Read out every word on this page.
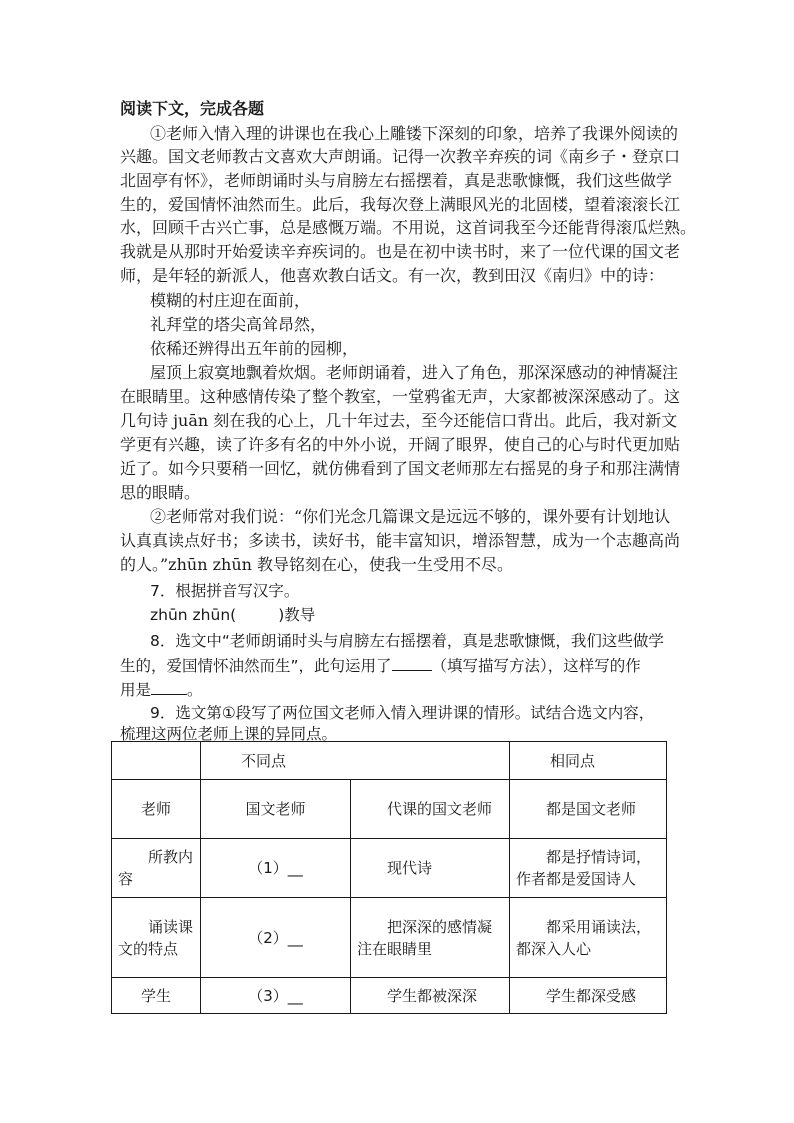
阅读下文，完成各题
①老师入情入理的讲课也在我心上雕镂下深刻的印象，培养了我课外阅读的
兴趣。国文老师教古文喜欢大声朗诵。记得一次教辛弃疾的词《南乡子・登京口
北固亭有怀》，老师朗诵时头与肩膀左右摇摆着，真是悲歌慷慨，我们这些做学
生的，爱国情怀油然而生。此后，我每次登上满眼风光的北固楼，望着滚滚长江
水，回顾千古兴亡事，总是感慨万端。不用说，这首词我至今还能背得滚瓜烂熟。
我就是从那时开始爱读辛弃疾词的。也是在初中读书时，来了一位代课的国文老
师，是年轻的新派人，他喜欢教白话文。有一次，教到田汉《南归》中的诗：
模糊的村庄迎在面前，
礼拜堂的塔尖高耸昂然，
依稀还辨得出五年前的园柳，
屋顶上寂寞地飘着炊烟。老师朗诵着，进入了角色，那深深感动的神情凝注
在眼睛里。这种感情传染了整个教室，一堂鸦雀无声，大家都被深深感动了。这
几句诗 juān 刻在我的心上，几十年过去，至今还能信口背出。此后，我对新文
学更有兴趣，读了许多有名的中外小说，开阔了眼界，使自己的心与时代更加贴
近了。如今只要稍一回忆，就仿佛看到了国文老师那左右摇晃的身子和那注满情
思的眼睛。
②老师常对我们说：“你们光念几篇课文是远远不够的，课外要有计划地认
认真真读点好书；多读书，读好书，能丰富知识，增添智慧，成为一个志趣高尚
的人。”zhūn zhūn 教导铭刻在心，使我一生受用不尽。
7．根据拼音写汉字。
zhūn zhūn(	)教导
8．选文中“老师朗诵时头与肩膀左右摇摆着，真是悲歌慷慨，我们这些做学
生的，爱国情怀油然而生”，此句运用了	（填写描写方法），这样写的作
用是 。
9．选文第①段写了两位国文老师入情入理讲课的情形。试结合选文内容，
梳理这两位老师上课的异同点。
	不同点		相同点
老师	国文老师	代课的国文老师	都是国文老师
所教内容	（1）__	现代诗	都是抒情诗词，作者都是爱国诗人
诵读课文的特点	（2）__	把深深的感情凝注在眼睛里	都采用诵读法，都深入人心
学生	（3）__	学生都被深深	学生都深受感
